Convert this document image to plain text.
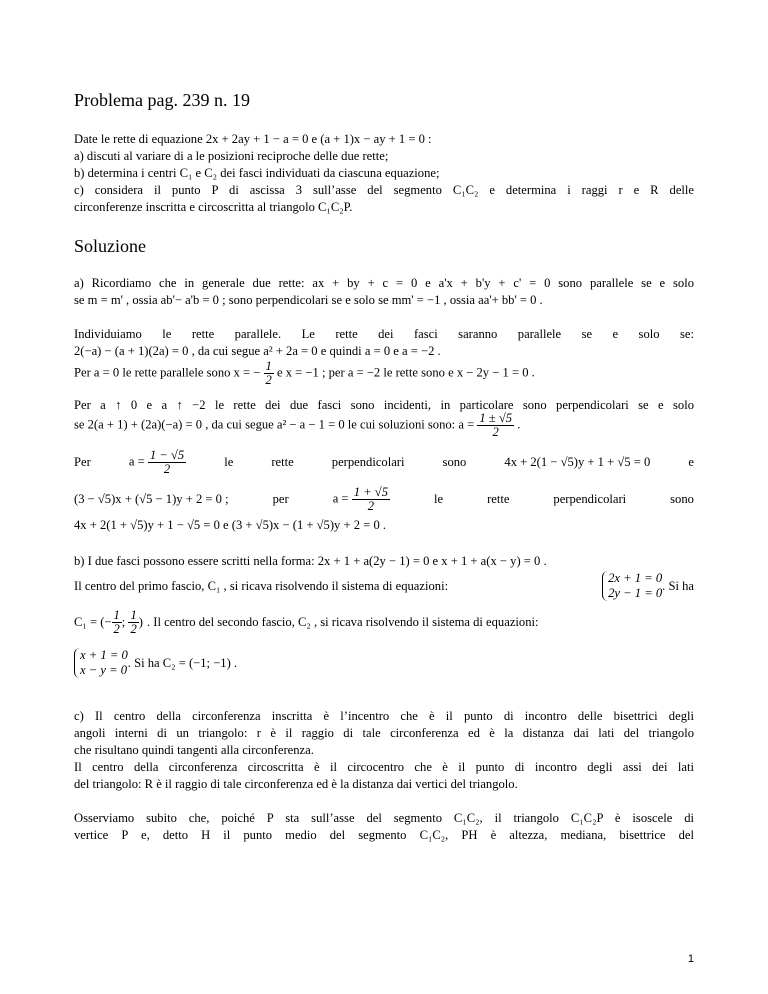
Problema pag. 239 n. 19
Date le rette di equazione 2x + 2ay + 1 − a = 0 e (a + 1)x − ay + 1 = 0 :
a) discuti al variare di a le posizioni reciproche delle due rette;
b) determina i centri C₁ e C₂ dei fasci individuati da ciascuna equazione;
c) considera il punto P di ascissa 3 sull’asse del segmento C₁C₂ e determina i raggi r e R delle
circonferenze inscritta e circoscritta al triangolo C₁C₂P.
Soluzione
a) Ricordiamo che in generale due rette: ax + by + c = 0 e a'x + b'y + c' = 0 sono parallele se e solo
se m = m' , ossia ab'− a'b = 0 ; sono perpendicolari se e solo se mm' = −1 , ossia aa'+ bb' = 0 .
Individuiamo le rette parallele. Le rette dei fasci saranno parallele se e solo se:
2(−a) − (a + 1)(2a) = 0 , da cui segue a² + 2a = 0 e quindi a = 0 e a = −2 .
Per a = 0 le rette parallele sono x = − $\frac{1}{2}$ e x = −1 ; per a = −2 le rette sono e x − 2y − 1 = 0 .
Per a ↑ 0 e a ↑ −2 le rette dei due fasci sono incidenti, in particolare sono perpendicolari se e solo
se 2(a + 1) + (2a)(−a) = 0 , da cui segue a² − a − 1 = 0 le cui soluzioni sono: $a = \frac{1 \pm √5}{2}$ .
Per	$a = \frac{1 - √5}{2}$	le	rette	perpendicolari	sono	4x + 2(1 − √5)y + 1 + √5 = 0	e
(3 − √5)x + (√5 − 1)y + 2 = 0 ;	per	$a = \frac{1 + √5}{2}$	le	rette	perpendicolari	sono
4x + 2(1 + √5)y + 1 − √5 = 0 e (3 + √5)x − (1 + √5)y + 2 = 0 .
b) I due fasci possono essere scritti nella forma: 2x + 1 + a(2y − 1) = 0 e x + 1 + a(x − y) = 0 .
Il centro del primo fascio, C₁ , si ricava risolvendo il sistema di equazioni:
2x + 1 = 0
2y − 1 = 0
. Si ha
C₁ = (− $\frac{1}{2}$ ; $\frac{1}{2}$ ) . Il centro del secondo fascio, C₂ , si ricava risolvendo il sistema di equazioni:
x + 1 = 0
x − y = 0
. Si ha C₂ = (−1; −1) .
c) Il centro della circonferenza inscritta è l’incentro che è il punto di incontro delle bisettrici degli
angoli interni di un triangolo: r è il raggio di tale circonferenza ed è la distanza dai lati del triangolo
che risultano quindi tangenti alla circonferenza.
Il centro della circonferenza circoscritta è il circocentro che è il punto di incontro degli assi dei lati
del triangolo: R è il raggio di tale circonferenza ed è la distanza dai vertici del triangolo.
Osserviamo subito che, poiché P sta sull’asse del segmento C₁C₂, il triangolo C₁C₂P è isoscele di
vertice P e, detto H il punto medio del segmento C₁C₂, PH è altezza, mediana, bisettrice del
1
